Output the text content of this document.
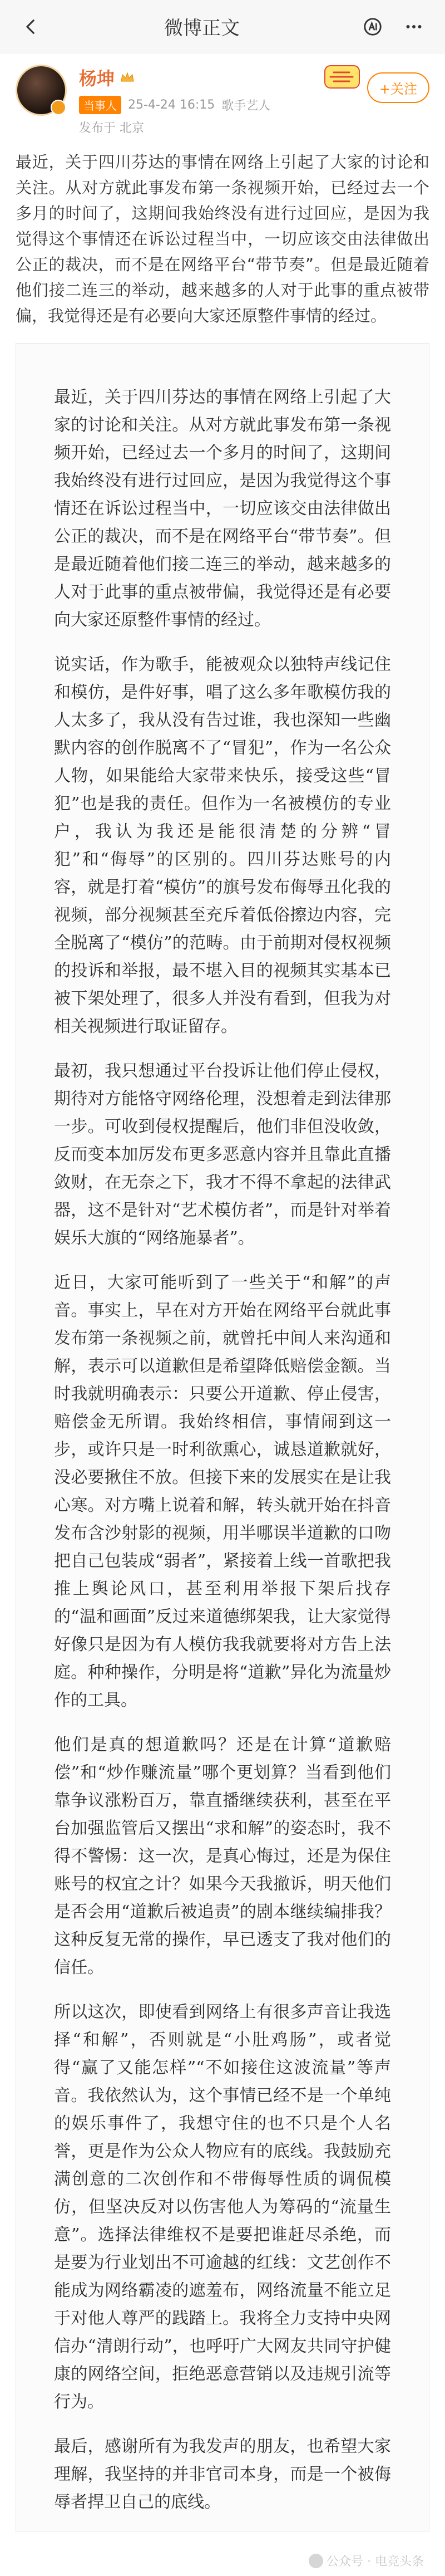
微博正文
杨坤
当事人 25-4-24 16:15 歌手艺人
发布于 北京
+关注
最近，关于四川芬达的事情在网络上引起了大家的讨论和关注。从对方就此事发布第一条视频开始，已经过去一个多月的时间了，这期间我始终没有进行过回应，是因为我觉得这个事情还在诉讼过程当中，一切应该交由法律做出公正的裁决，而不是在网络平台“带节奏”。但是最近随着他们接二连三的举动，越来越多的人对于此事的重点被带偏，我觉得还是有必要向大家还原整件事情的经过。

最近，关于四川芬达的事情在网络上引起了大家的讨论和关注。从对方就此事发布第一条视频开始，已经过去一个多月的时间了，这期间我始终没有进行过回应，是因为我觉得这个事情还在诉讼过程当中，一切应该交由法律做出公正的裁决，而不是在网络平台“带节奏”。但是最近随着他们接二连三的举动，越来越多的人对于此事的重点被带偏，我觉得还是有必要向大家还原整件事情的经过。

说实话，作为歌手，能被观众以独特声线记住和模仿，是件好事，唱了这么多年歌模仿我的人太多了，我从没有告过谁，我也深知一些幽默内容的创作脱离不了“冒犯”，作为一名公众人物，如果能给大家带来快乐，接受这些“冒犯”也是我的责任。但作为一名被模仿的专业户，我认为我还是能很清楚的分辨“冒犯”和“侮辱”的区别的。四川芬达账号的内容，就是打着“模仿”的旗号发布侮辱丑化我的视频，部分视频甚至充斥着低俗擦边内容，完全脱离了“模仿”的范畴。由于前期对侵权视频的投诉和举报，最不堪入目的视频其实基本已被下架处理了，很多人并没有看到，但我为对相关视频进行取证留存。

最初，我只想通过平台投诉让他们停止侵权，期待对方能恪守网络伦理，没想着走到法律那一步。可收到侵权提醒后，他们非但没收敛，反而变本加厉发布更多恶意内容并且靠此直播敛财，在无奈之下，我才不得不拿起的法律武器，这不是针对“艺术模仿者”，而是针对举着娱乐大旗的“网络施暴者”。

近日，大家可能听到了一些关于“和解”的声音。事实上，早在对方开始在网络平台就此事发布第一条视频之前，就曾托中间人来沟通和解，表示可以道歉但是希望降低赔偿金额。当时我就明确表示：只要公开道歉、停止侵害，赔偿金无所谓。我始终相信，事情闹到这一步，或许只是一时利欲熏心，诚恳道歉就好，没必要揪住不放。但接下来的发展实在是让我心寒。对方嘴上说着和解，转头就开始在抖音发布含沙射影的视频，用半哪误半道歉的口吻把自己包装成“弱者”，紧接着上线一首歌把我推上舆论风口，甚至利用举报下架后找存的“温和画面”反过来道德绑架我，让大家觉得好像只是因为有人模仿我我就要将对方告上法庭。种种操作，分明是将“道歉”异化为流量炒作的工具。

他们是真的想道歉吗？还是在计算“道歉赔偿”和“炒作赚流量”哪个更划算？当看到他们靠争议涨粉百万，靠直播继续获利，甚至在平台加强监管后又摆出“求和解”的姿态时，我不得不警惕：这一次，是真心悔过，还是为保住账号的权宜之计？如果今天我撤诉，明天他们是否会用“道歉后被追责”的剧本继续编排我？这种反复无常的操作，早已透支了我对他们的信任。

所以这次，即使看到网络上有很多声音让我选择“和解”，否则就是“小肚鸡肠”，或者觉得“赢了又能怎样”“不如接住这波流量”等声音。我依然认为，这个事情已经不是一个单纯的娱乐事件了，我想守住的也不只是个人名誉，更是作为公众人物应有的底线。我鼓励充满创意的二次创作和不带侮辱性质的调侃模仿，但坚决反对以伤害他人为筹码的“流量生意”。选择法律维权不是要把谁赶尽杀绝，而是要为行业划出不可逾越的红线：文艺创作不能成为网络霸凌的遮羞布，网络流量不能立足于对他人尊严的践踏上。我将全力支持中央网信办“清朗行动”，也呼吁广大网友共同守护健康的网络空间，拒绝恶意营销以及违规引流等行为。

最后，感谢所有为我发声的朋友，也希望大家理解，我坚持的并非官司本身，而是一个被侮辱者捍卫自己的底线。

公众号 · 电竞头条
